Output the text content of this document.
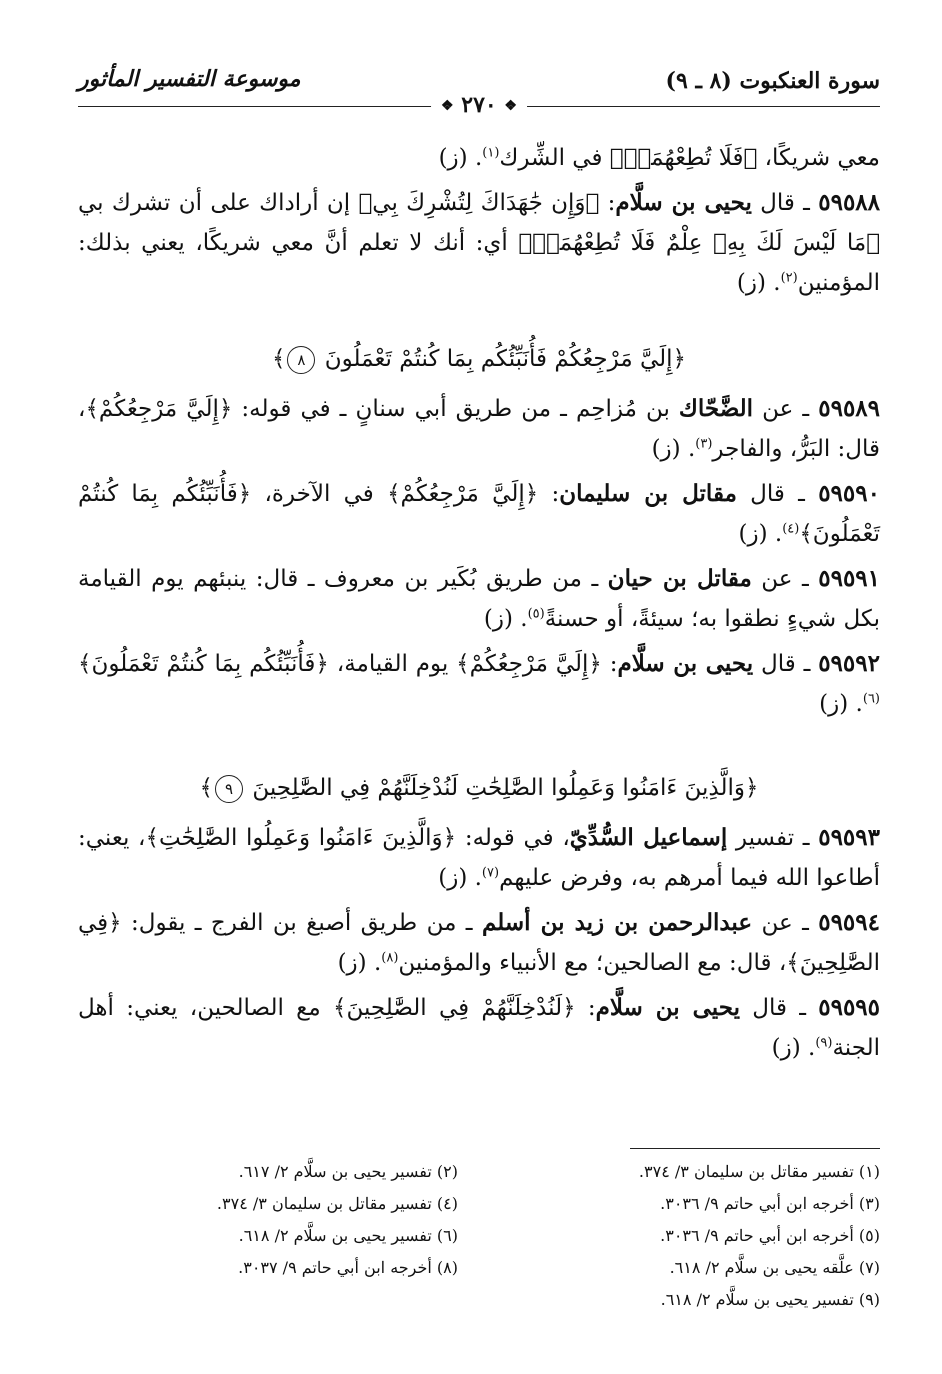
سورة العنكبوت (٨ ـ ٩)
موسوعة التفسير المأثور
❖ ٢٧٠ ❖

معي شريكًا، ﴿فَلَا تُطِعْهُمَاۚ﴾ في الشِّرك$^{(١)}$. (ز)

٥٩٥٨٨ ـ قال يحيى بن سلَّام: ﴿وَإِن جَٰهَدَاكَ لِتُشْرِكَ بِي﴾ إن أراداك على أن تشرك بي ﴿مَا لَيْسَ لَكَ بِهِۦ عِلْمٌ فَلَا تُطِعْهُمَاۚ﴾ أي: أنك لا تعلم أنَّ معي شريكًا، يعني بذلك: المؤمنين$^{(٢)}$. (ز)

﴿إِلَيَّ مَرْجِعُكُمْ فَأُنَبِّئُكُم بِمَا كُنتُمْ تَعْمَلُونَ ٨﴾

٥٩٥٨٩ ـ عن الضَّحّاك بن مُزاحِم ـ من طريق أبي سنانٍ ـ في قوله: ﴿إِلَيَّ مَرْجِعُكُمْ﴾، قال: البَرُّ، والفاجر$^{(٣)}$. (ز)

٥٩٥٩٠ ـ قال مقاتل بن سليمان: ﴿إِلَيَّ مَرْجِعُكُمْ﴾ في الآخرة، ﴿فَأُنَبِّئُكُم بِمَا كُنتُمْ تَعْمَلُونَ﴾$^{(٤)}$. (ز)

٥٩٥٩١ ـ عن مقاتل بن حيان ـ من طريق بُكَير بن معروف ـ قال: ينبئهم يوم القيامة بكل شيءٍ نطقوا به؛ سيئةً، أو حسنةً$^{(٥)}$. (ز)

٥٩٥٩٢ ـ قال يحيى بن سلَّام: ﴿إِلَيَّ مَرْجِعُكُمْ﴾ يوم القيامة، ﴿فَأُنَبِّئُكُم بِمَا كُنتُمْ تَعْمَلُونَ﴾$^{(٦)}$. (ز)

﴿وَالَّذِينَ ءَامَنُوا وَعَمِلُوا الصَّٰلِحَٰتِ لَنُدْخِلَنَّهُمْ فِي الصَّٰلِحِينَ ٩﴾

٥٩٥٩٣ ـ تفسير إسماعيل السُّدِّيّ، في قوله: ﴿وَالَّذِينَ ءَامَنُوا وَعَمِلُوا الصَّٰلِحَٰتِ﴾، يعني: أطاعوا الله فيما أمرهم به، وفرض عليهم$^{(٧)}$. (ز)

٥٩٥٩٤ ـ عن عبدالرحمن بن زيد بن أسلم ـ من طريق أصبغ بن الفرج ـ يقول: ﴿فِي الصَّٰلِحِينَ﴾، قال: مع الصالحين؛ مع الأنبياء والمؤمنين$^{(٨)}$. (ز)

٥٩٥٩٥ ـ قال يحيى بن سلَّام: ﴿لَنُدْخِلَنَّهُمْ فِي الصَّٰلِحِينَ﴾ مع الصالحين، يعني: أهل الجنة$^{(٩)}$. (ز)

(١) تفسير مقاتل بن سليمان ٣/ ٣٧٤.
(٣) أخرجه ابن أبي حاتم ٩/ ٣٠٣٦.
(٥) أخرجه ابن أبي حاتم ٩/ ٣٠٣٦.
(٧) علَّقه يحيى بن سلَّام ٢/ ٦١٨.
(٩) تفسير يحيى بن سلَّام ٢/ ٦١٨.
(٢) تفسير يحيى بن سلَّام ٢/ ٦١٧.
(٤) تفسير مقاتل بن سليمان ٣/ ٣٧٤.
(٦) تفسير يحيى بن سلَّام ٢/ ٦١٨.
(٨) أخرجه ابن أبي حاتم ٩/ ٣٠٣٧.
